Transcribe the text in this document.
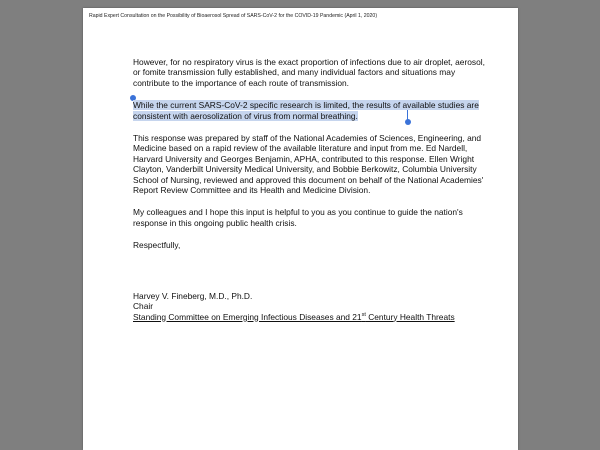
Rapid Expert Consultation on the Possibility of Bioaerosol Spread of SARS-CoV-2 for the COVID-19 Pandemic (April 1, 2020)

However, for no respiratory virus is the exact proportion of infections due to air droplet, aerosol, or fomite transmission fully established, and many individual factors and situations may contribute to the importance of each route of transmission.

While the current SARS-CoV-2 specific research is limited, the results of available studies are consistent with aerosolization of virus from normal breathing.

This response was prepared by staff of the National Academies of Sciences, Engineering, and Medicine based on a rapid review of the available literature and input from me. Ed Nardell, Harvard University and Georges Benjamin, APHA, contributed to this response. Ellen Wright Clayton, Vanderbilt University Medical University, and Bobbie Berkowitz, Columbia University School of Nursing, reviewed and approved this document on behalf of the National Academies' Report Review Committee and its Health and Medicine Division.

My colleagues and I hope this input is helpful to you as you continue to guide the nation's response in this ongoing public health crisis.

Respectfully,

Harvey V. Fineberg, M.D., Ph.D.

Chair

Standing Committee on Emerging Infectious Diseases and 21st Century Health Threats
